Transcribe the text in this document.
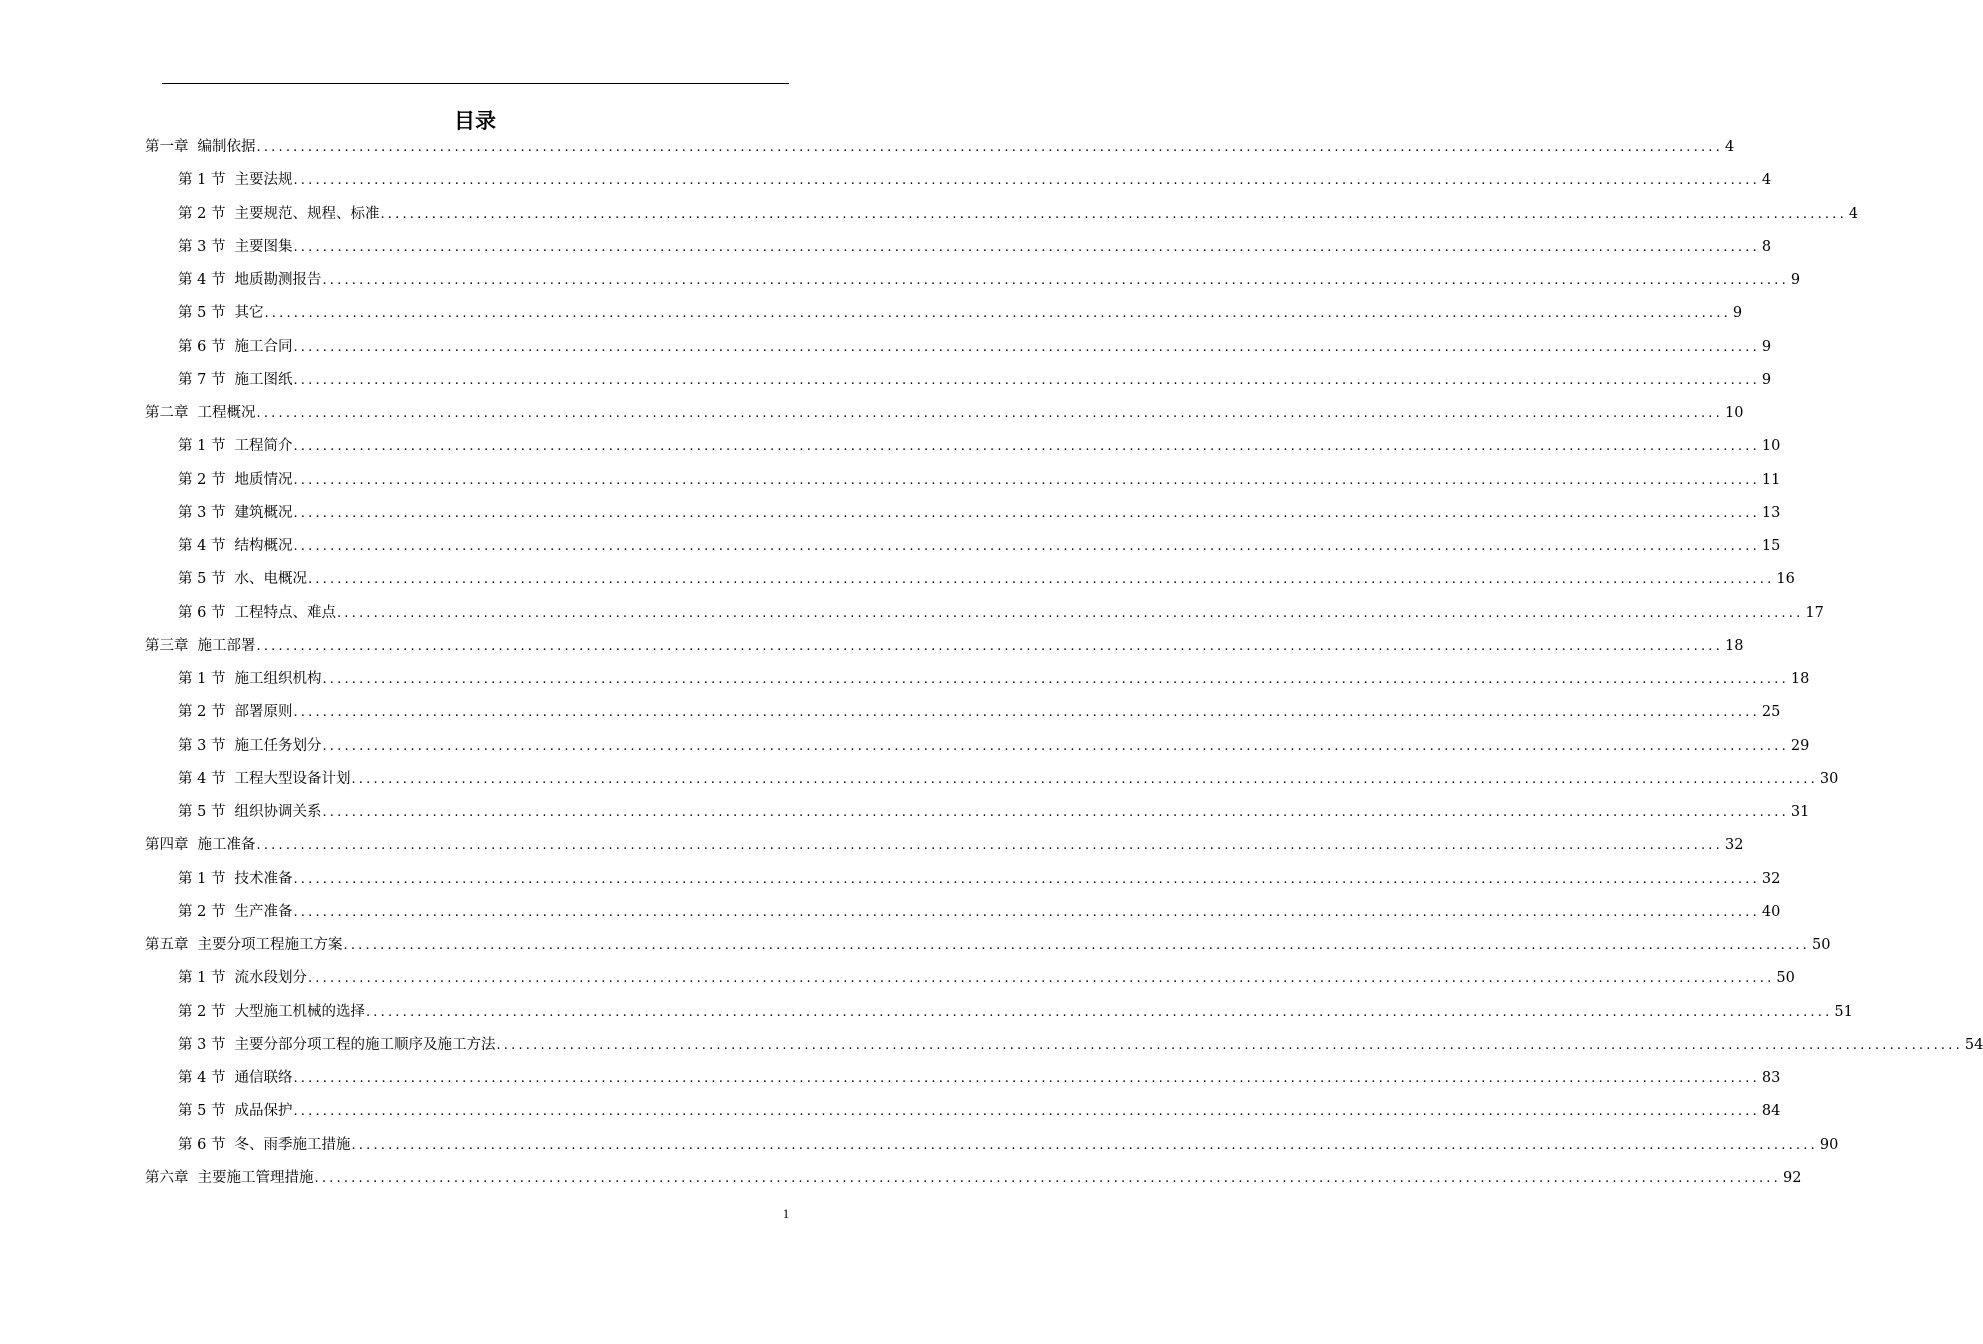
目录
第一章 编制依据 ........................................................................................................................................................................................................ 4
第 1 节 主要法规 ........................................................................................................................................................................................................ 4
第 2 节 主要规范、规程、标准 ........................................................................................................................................................................................................ 4
第 3 节 主要图集 ........................................................................................................................................................................................................ 8
第 4 节 地质勘测报告 ........................................................................................................................................................................................................ 9
第 5 节 其它 ........................................................................................................................................................................................................ 9
第 6 节 施工合同 ........................................................................................................................................................................................................ 9
第 7 节 施工图纸 ........................................................................................................................................................................................................ 9
第二章 工程概况 ........................................................................................................................................................................................................ 10
第 1 节 工程简介 ........................................................................................................................................................................................................ 10
第 2 节 地质情况 ........................................................................................................................................................................................................ 11
第 3 节 建筑概况 ........................................................................................................................................................................................................ 13
第 4 节 结构概况 ........................................................................................................................................................................................................ 15
第 5 节 水、电概况 ........................................................................................................................................................................................................ 16
第 6 节 工程特点、难点 ........................................................................................................................................................................................................ 17
第三章 施工部署 ........................................................................................................................................................................................................ 18
第 1 节 施工组织机构 ........................................................................................................................................................................................................ 18
第 2 节 部署原则 ........................................................................................................................................................................................................ 25
第 3 节 施工任务划分 ........................................................................................................................................................................................................ 29
第 4 节 工程大型设备计划 ........................................................................................................................................................................................................ 30
第 5 节 组织协调关系 ........................................................................................................................................................................................................ 31
第四章 施工准备 ........................................................................................................................................................................................................ 32
第 1 节 技术准备 ........................................................................................................................................................................................................ 32
第 2 节 生产准备 ........................................................................................................................................................................................................ 40
第五章 主要分项工程施工方案 ........................................................................................................................................................................................................ 50
第 1 节 流水段划分 ........................................................................................................................................................................................................ 50
第 2 节 大型施工机械的选择 ........................................................................................................................................................................................................ 51
第 3 节 主要分部分项工程的施工顺序及施工方法 ........................................................................................................................................................................................................ 54
第 4 节 通信联络 ........................................................................................................................................................................................................ 83
第 5 节 成品保护 ........................................................................................................................................................................................................ 84
第 6 节 冬、雨季施工措施 ........................................................................................................................................................................................................ 90
第六章 主要施工管理措施 ........................................................................................................................................................................................................ 92
1
